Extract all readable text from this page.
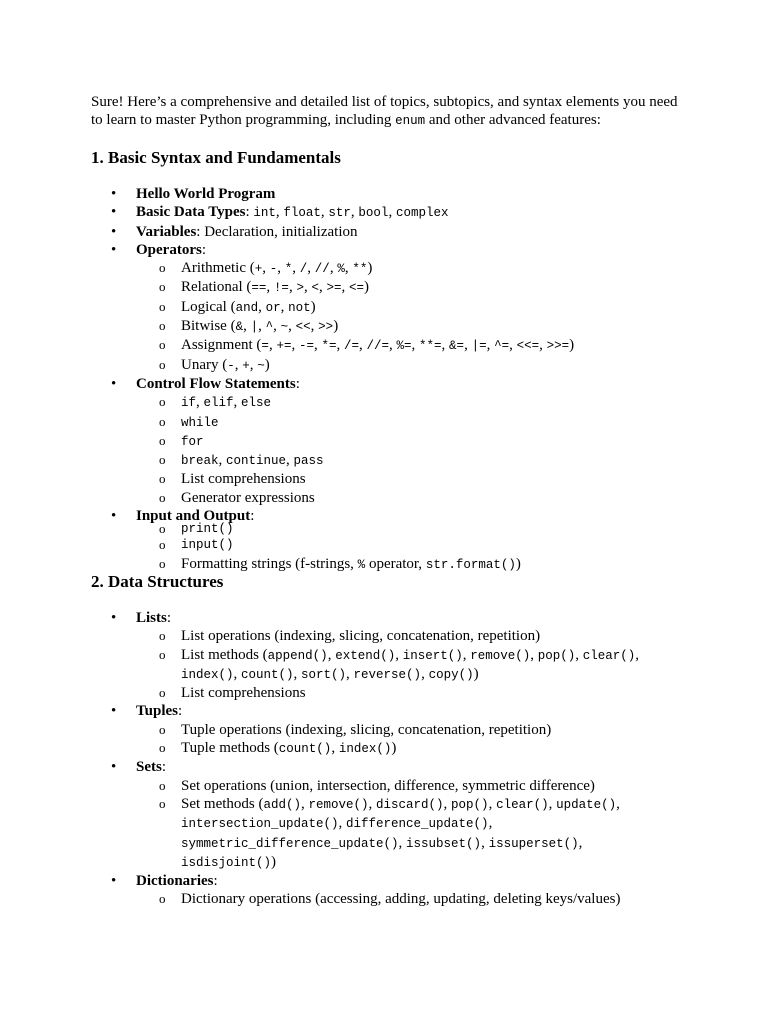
Sure! Here’s a comprehensive and detailed list of topics, subtopics, and syntax elements you need to learn to master Python programming, including enum and other advanced features:

1. Basic Syntax and Fundamentals
• Hello World Program
• Basic Data Types: int, float, str, bool, complex
• Variables: Declaration, initialization
• Operators:
o Arithmetic (+, -, *, /, //, %, **)
o Relational (==, !=, >, <, >=, <=)
o Logical (and, or, not)
o Bitwise (&, |, ^, ~, <<, >>)
o Assignment (=, +=, -=, *=, /=, //=, %=, **=, &=, |=, ^=, <<=, >>=)
o Unary (-, +, ~)
• Control Flow Statements:
o if, elif, else
o while
o for
o break, continue, pass
o List comprehensions
o Generator expressions
• Input and Output:
o print()
o input()
o Formatting strings (f-strings, % operator, str.format())
2. Data Structures
• Lists:
o List operations (indexing, slicing, concatenation, repetition)
o List methods (append(), extend(), insert(), remove(), pop(), clear(), index(), count(), sort(), reverse(), copy())
o List comprehensions
• Tuples:
o Tuple operations (indexing, slicing, concatenation, repetition)
o Tuple methods (count(), index())
• Sets:
o Set operations (union, intersection, difference, symmetric difference)
o Set methods (add(), remove(), discard(), pop(), clear(), update(), intersection_update(), difference_update(), symmetric_difference_update(), issubset(), issuperset(), isdisjoint())
• Dictionaries:
o Dictionary operations (accessing, adding, updating, deleting keys/values)
